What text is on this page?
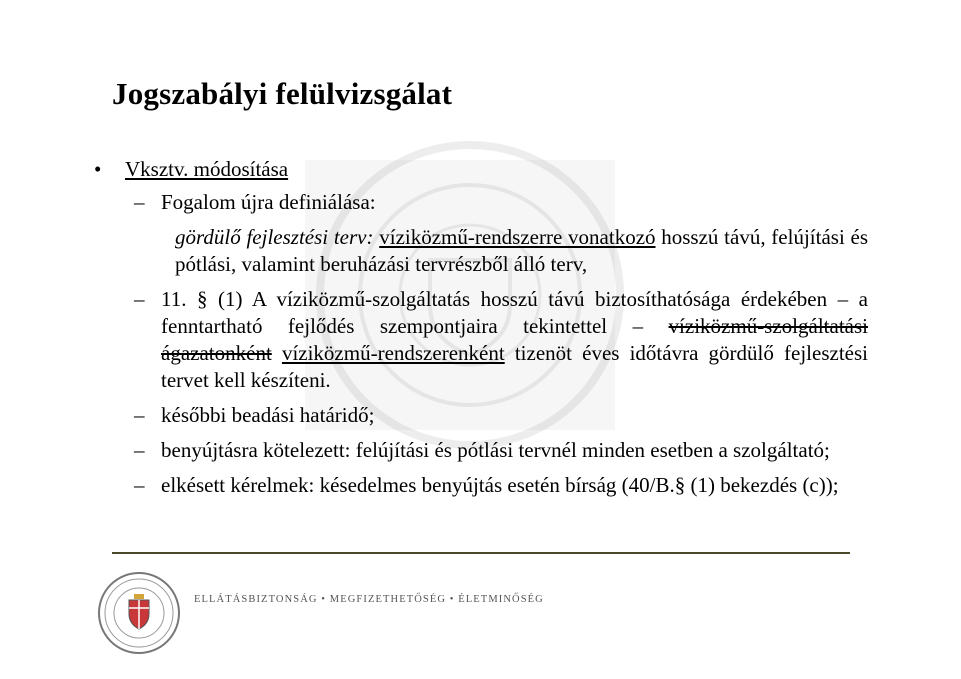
Jogszabályi felülvizsgálat
• Vksztv. módosítása
– Fogalom újra definiálása:
gördülő fejlesztési terv: víziközmű-rendszerre vonatkozó hosszú távú, felújítási és pótlási, valamint beruházási tervrészből álló terv,
– 11. § (1) A víziközmű-szolgáltatás hosszú távú biztosíthatósága érdekében – a fenntartható fejlődés szempontjaira tekintettel – víziközmű-szolgáltatási ágazatonként víziközmű-rendszerenként tizenöt éves időtávra gördülő fejlesztési tervet kell készíteni.
– későbbi beadási határidő;
– benyújtásra kötelezett: felújítási és pótlási tervnél minden esetben a szolgáltató;
– elkésett kérelmek: késedelmes benyújtás esetén bírság (40/B.§ (1) bekezdés (c));
ELLÁTÁSBIZTONSÁG • MEGFIZETHETŐSÉG • ÉLETMINŐSÉG
